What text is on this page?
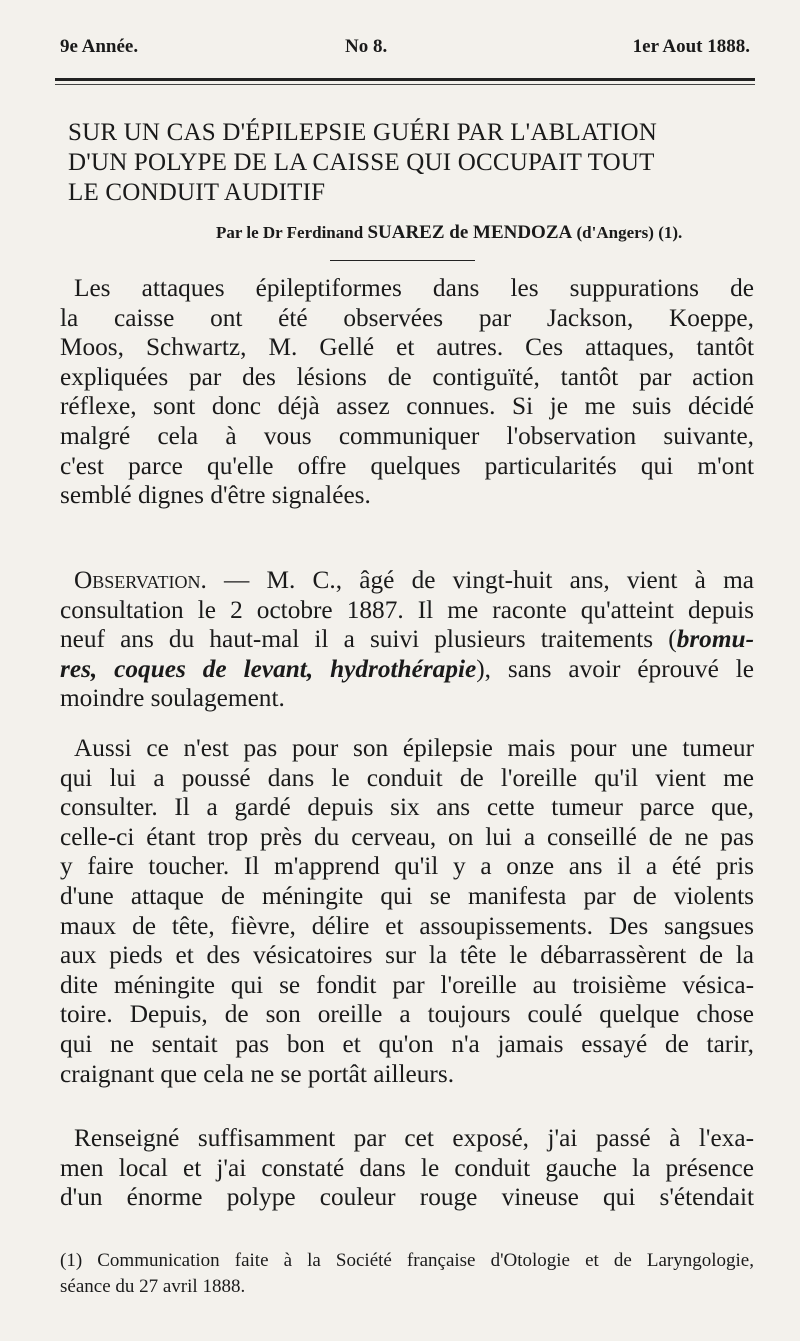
9e Année.	No 8.	1er Aout 1888.
SUR UN CAS D'ÉPILEPSIE GUÉRI PAR L'ABLATION
D'UN POLYPE DE LA CAISSE QUI OCCUPAIT TOUT
LE CONDUIT AUDITIF
Par le Dr Ferdinand SUAREZ de MENDOZA (d'Angers) (1).
Les attaques épileptiformes dans les suppurations de
la caisse ont été observées par Jackson, Koeppe,
Moos, Schwartz, M. Gellé et autres. Ces attaques, tantôt
expliquées par des lésions de contiguïté, tantôt par action
réflexe, sont donc déjà assez connues. Si je me suis décidé
malgré cela à vous communiquer l'observation suivante,
c'est parce qu'elle offre quelques particularités qui m'ont
semblé dignes d'être signalées.
Observation. — M. C., âgé de vingt-huit ans, vient à ma
consultation le 2 octobre 1887. Il me raconte qu'atteint depuis
neuf ans du haut-mal il a suivi plusieurs traitements (bromu-
res, coques de levant, hydrothérapie), sans avoir éprouvé le
moindre soulagement.
Aussi ce n'est pas pour son épilepsie mais pour une tumeur
qui lui a poussé dans le conduit de l'oreille qu'il vient me
consulter. Il a gardé depuis six ans cette tumeur parce que,
celle-ci étant trop près du cerveau, on lui a conseillé de ne pas
y faire toucher. Il m'apprend qu'il y a onze ans il a été pris
d'une attaque de méningite qui se manifesta par de violents
maux de tête, fièvre, délire et assoupissements. Des sangsues
aux pieds et des vésicatoires sur la tête le débarrassèrent de la
dite méningite qui se fondit par l'oreille au troisième vésica-
toire. Depuis, de son oreille a toujours coulé quelque chose
qui ne sentait pas bon et qu'on n'a jamais essayé de tarir,
craignant que cela ne se portât ailleurs.
Renseigné suffisamment par cet exposé, j'ai passé à l'exa-
men local et j'ai constaté dans le conduit gauche la présence
d'un énorme polype couleur rouge vineuse qui s'étendait
(1) Communication faite à la Société française d'Otologie et de Laryngologie,
séance du 27 avril 1888.
